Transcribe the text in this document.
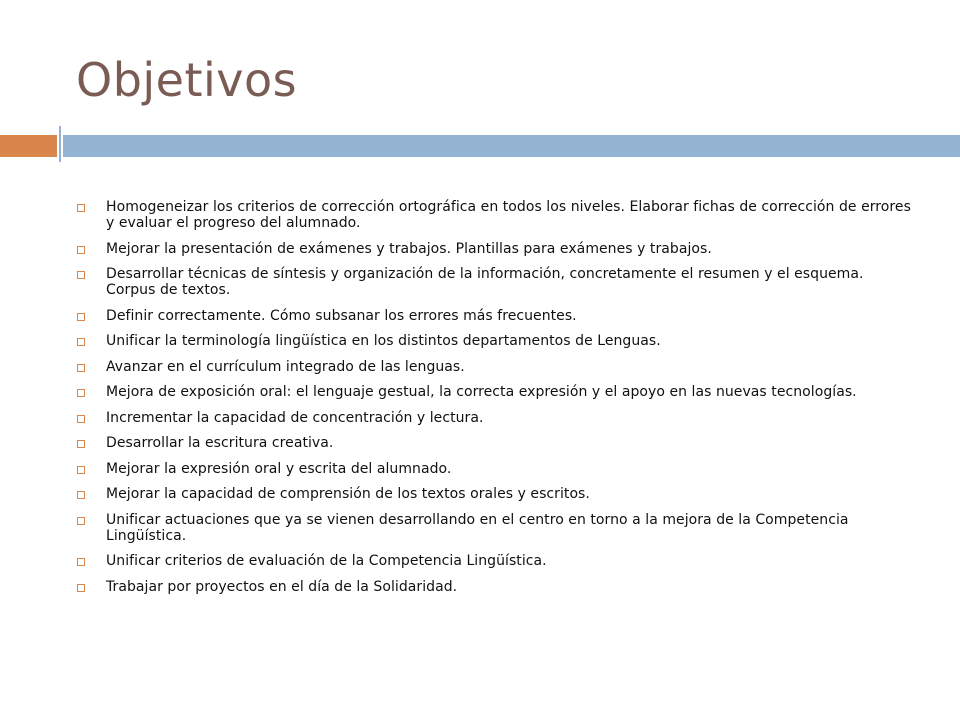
Objetivos
Homogeneizar los criterios de corrección ortográfica en todos los niveles. Elaborar fichas de corrección de errores y evaluar el progreso del alumnado.
Mejorar la presentación de exámenes y trabajos. Plantillas para exámenes y trabajos.
Desarrollar técnicas de síntesis y organización de la información, concretamente el resumen y el esquema. Corpus de textos.
Definir correctamente. Cómo subsanar los errores más frecuentes.
Unificar la terminología lingüística en los distintos departamentos de Lenguas.
Avanzar en el currículum integrado de las lenguas.
Mejora de exposición oral: el lenguaje gestual, la correcta expresión y el apoyo en las nuevas tecnologías.
Incrementar la capacidad de concentración y lectura.
Desarrollar la escritura creativa.
Mejorar la expresión oral y escrita del alumnado.
Mejorar la capacidad de comprensión de los textos orales y escritos.
Unificar actuaciones que ya se vienen desarrollando en el centro en torno a la mejora de la Competencia Lingüística.
Unificar criterios de evaluación de la Competencia Lingüística.
Trabajar por proyectos en el día de la Solidaridad.
